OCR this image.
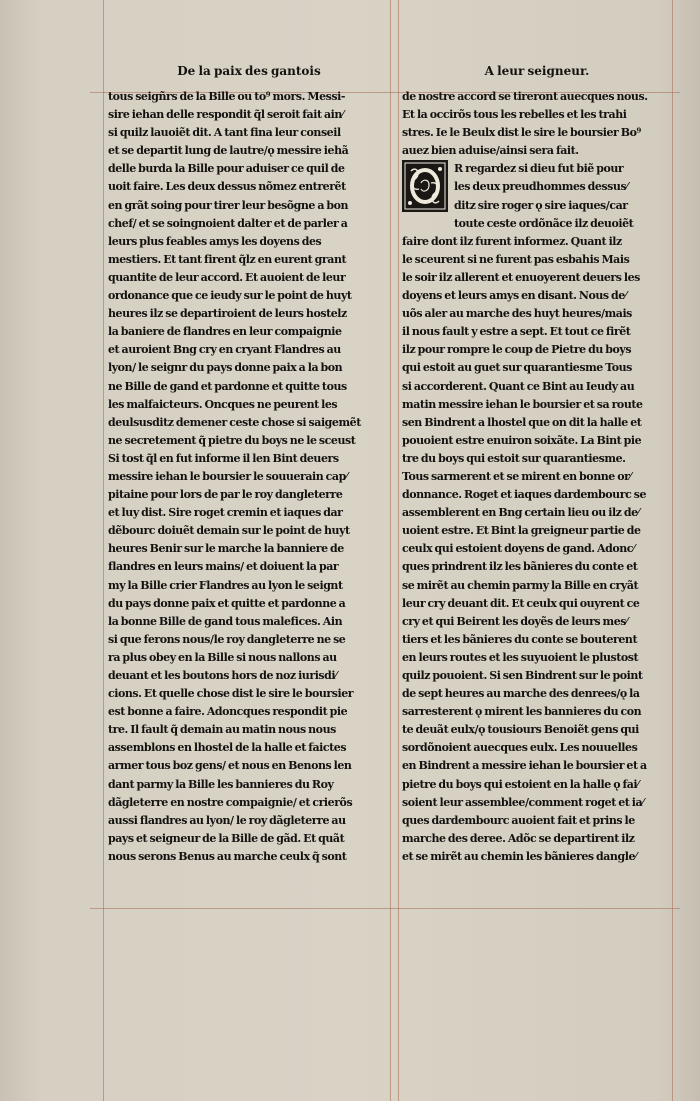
De la paix des gantois
tous seigñrs de la Bille ou to⁹ mors. Messi-
sire iehan delle respondit q̃l seroit fait ain⁄
si quilz lauoiẽt dit. A tant fina leur conseil
et se departit lung de lautre/ǫ messire iehã
delle burda la Bille pour aduiser ce quil de
uoit faire. Les deux dessus nõmez entrerẽt
en grãt soing pour tirer leur besõgne a bon
chef/ et se soingnoient dalter et de parler a
leurs plus feables amys les doyens des
mestiers. Et tant firent q̃lz en eurent grant
quantite de leur accord. Et auoient de leur
ordonance que ce ieudy sur le point de huyt
heures ilz se departiroient de leurs hostelz
la baniere de flandres en leur compaignie
et auroient Bng cry en cryant Flandres au
lyon/ le seignr du pays donne paix a la bon
ne Bille de gand et pardonne et quitte tous
les malfaicteurs. Oncques ne peurent les
deulsusditz demener ceste chose si saigemẽt
ne secretement q̃ pietre du boys ne le sceust
Si tost q̃l en fut informe il len Bint deuers
messire iehan le boursier le souuerain cap⁄
pitaine pour lors de par le roy dangleterre
et luy dist. Sire roget cremin et iaques dar
dẽbourc doiuẽt demain sur le point de huyt
heures Benir sur le marche la banniere de
flandres en leurs mains/ et doiuent la par
my la Bille crier Flandres au lyon le seignt
du pays donne paix et quitte et pardonne a
la bonne Bille de gand tous malefices. Ain
si que ferons nous/le roy dangleterre ne se
ra plus obey en la Bille si nous nallons au
deuant et les boutons hors de noz iurisdi⁄
cions. Et quelle chose dist le sire le boursier
est bonne a faire. Adoncques respondit pie
tre. Il fault q̃ demain au matin nous nous
assemblons en lhostel de la halle et faictes
armer tous boz gens/ et nous en Benons len
dant parmy la Bille les bannieres du Roy
dãgleterre en nostre compaignie/ et crierõs
aussi flandres au lyon/ le roy dãgleterre au
pays et seigneur de la Bille de gãd. Et quãt
nous serons Benus au marche ceulx q̃ sont
A leur seigneur.
de nostre accord se tireront auecques nous.
Et la occirõs tous les rebelles et les trahi
stres. Ie le Beulx dist le sire le boursier Bo⁹
auez bien aduise/ainsi sera fait.
R regardez si dieu fut biẽ pour
les deux preudhommes dessus⁄
ditz sire roger ǫ sire iaques/car
toute ceste ordõnãce ilz deuoiẽt
faire dont ilz furent informez. Quant ilz
le sceurent si ne furent pas esbahis Mais
le soir ilz allerent et enuoyerent deuers les
doyens et leurs amys en disant. Nous de⁄
uõs aler au marche des huyt heures/mais
il nous fault y estre a sept. Et tout ce firẽt
ilz pour rompre le coup de Pietre du boys
qui estoit au guet sur quarantiesme Tous
si accorderent. Quant ce Bint au Ieudy au
matin messire iehan le boursier et sa route
sen Bindrent a lhostel que on dit la halle et
pouoient estre enuiron soixãte. La Bint pie
tre du boys qui estoit sur quarantiesme.
Tous sarmerent et se mirent en bonne or⁄
donnance. Roget et iaques dardembourc se
assemblerent en Bng certain lieu ou ilz de⁄
uoient estre. Et Bint la greigneur partie de
ceulx qui estoient doyens de gand. Adonc⁄
ques prindrent ilz les bãnieres du conte et
se mirẽt au chemin parmy la Bille en cryãt
leur cry deuant dit. Et ceulx qui ouyrent ce
cry et qui Beirent les doyẽs de leurs mes⁄
tiers et les bãnieres du conte se bouterent
en leurs routes et les suyuoient le plustost
quilz pouoient. Si sen Bindrent sur le point
de sept heures au marche des denrees/ǫ la
sarresterent ǫ mirent les bannieres du con
te deuãt eulx/ǫ tousiours Benoiẽt gens qui
sordõnoient auecques eulx. Les nouuelles
en Bindrent a messire iehan le boursier et a
pietre du boys qui estoient en la halle ǫ fai⁄
soient leur assemblee/comment roget et ia⁄
ques dardembourc auoient fait et prins le
marche des deree. Adõc se departirent ilz
et se mirẽt au chemin les bãnieres dangle⁄
